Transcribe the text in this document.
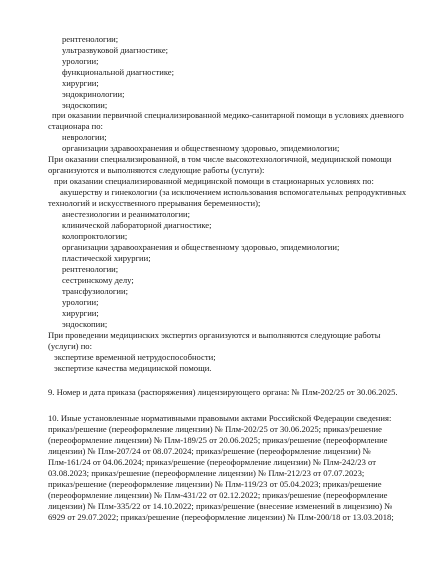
рентгенологии;
ультразвуковой диагностике;
урологии;
функциональной диагностике;
хирургии;
эндокринологии;
эндоскопии;
при оказании первичной специализированной медико-санитарной помощи в условиях дневного
стационара по:
неврологии;
организации здравоохранения и общественному здоровью, эпидемиологии;
При оказании специализированной, в том числе высокотехнологичной, медицинской помощи
организуются и выполняются следующие работы (услуги):
при оказании специализированной медицинской помощи в стационарных условиях по:
акушерству и гинекологии (за исключением использования вспомогательных репродуктивных
технологий и искусственного прерывания беременности);
анестезиологии и реаниматологии;
клинической лабораторной диагностике;
колопроктологии;
организации здравоохранения и общественному здоровью, эпидемиологии;
пластической хирургии;
рентгенологии;
сестринскому делу;
трансфузиологии;
урологии;
хирургии;
эндоскопии;
При проведении медицинских экспертиз организуются и выполняются следующие работы
(услуги) по:
экспертизе временной нетрудоспособности;
экспертизе качества медицинской помощи.
9. Номер и дата приказа (распоряжения) лицензирующего органа: № Плм-202/25 от 30.06.2025.
10. Иные установленные нормативными правовыми актами Российской Федерации сведения:
приказ/решение (переоформление лицензии) № Плм-202/25 от 30.06.2025; приказ/решение
(переоформление лицензии) № Плм-189/25 от 20.06.2025; приказ/решение (переоформление
лицензии) № Плм-207/24 от 08.07.2024; приказ/решение (переоформление лицензии) №
Плм-161/24 от 04.06.2024; приказ/решение (переоформление лицензии) № Плм-242/23 от
03.08.2023; приказ/решение (переоформление лицензии) № Плм-212/23 от 07.07.2023;
приказ/решение (переоформление лицензии) № Плм-119/23 от 05.04.2023; приказ/решение
(переоформление лицензии) № Плм-431/22 от 02.12.2022; приказ/решение (переоформление
лицензии) № Плм-335/22 от 14.10.2022; приказ/решение (внесение изменений в лицензию) №
6929 от 29.07.2022; приказ/решение (переоформление лицензии) № Плм-200/18 от 13.03.2018;
